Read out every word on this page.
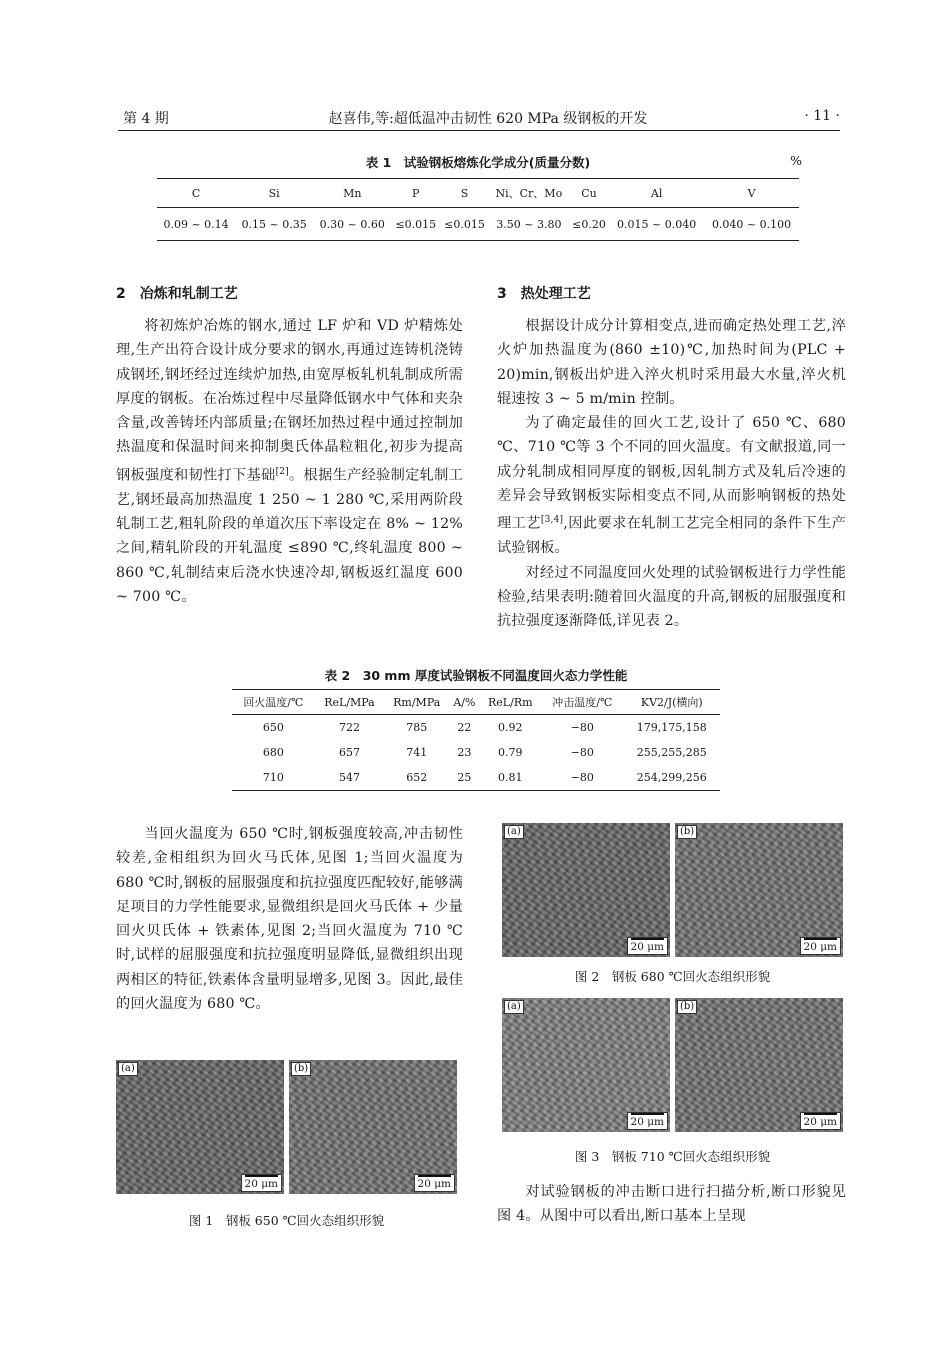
第 4 期	赵喜伟,等:超低温冲击韧性 620 MPa 级钢板的开发	· 11 ·
表 1　试验钢板熔炼化学成分(质量分数)	%
C	Si	Mn	P	S	Ni、Cr、Mo	Cu	Al	V
0.09 ~ 0.14	0.15 ~ 0.35	0.30 ~ 0.60	≤0.015	≤0.015	3.50 ~ 3.80	≤0.20	0.015 ~ 0.040	0.040 ~ 0.100
2　冶炼和轧制工艺

将初炼炉冶炼的钢水,通过 LF 炉和 VD 炉精炼处理,生产出符合设计成分要求的钢水,再通过连铸机浇铸成钢坯,钢坯经过连续炉加热,由宽厚板轧机轧制成所需厚度的钢板。在冶炼过程中尽量降低钢水中气体和夹杂含量,改善铸坯内部质量;在钢坯加热过程中通过控制加热温度和保温时间来抑制奥氏体晶粒粗化,初步为提高钢板强度和韧性打下基础[2]。根据生产经验制定轧制工艺,钢坯最高加热温度 1 250 ~ 1 280 ℃,采用两阶段轧制工艺,粗轧阶段的单道次压下率设定在 8% ~ 12% 之间,精轧阶段的开轧温度 ≤890 ℃,终轧温度 800 ~ 860 ℃,轧制结束后浇水快速冷却,钢板返红温度 600 ~ 700 ℃。

3　热处理工艺

根据设计成分计算相变点,进而确定热处理工艺,淬火炉加热温度为(860 ±10)℃,加热时间为(PLC + 20)min,钢板出炉进入淬火机时采用最大水量,淬火机辊速按 3 ~ 5 m/min 控制。

为了确定最佳的回火工艺,设计了 650 ℃、680 ℃、710 ℃等 3 个不同的回火温度。有文献报道,同一成分轧制成相同厚度的钢板,因轧制方式及轧后冷速的差异会导致钢板实际相变点不同,从而影响钢板的热处理工艺[3,4],因此要求在轧制工艺完全相同的条件下生产试验钢板。

对经过不同温度回火处理的试验钢板进行力学性能检验,结果表明:随着回火温度的升高,钢板的屈服强度和抗拉强度逐渐降低,详见表 2。

表 2　30 mm 厚度试验钢板不同温度回火态力学性能
回火温度/℃	ReL/MPa	Rm/MPa	A/%	ReL/Rm	冲击温度/℃	KV2/J(横向)
650	722	785	22	0.92	−80	179,175,158
680	657	741	23	0.79	−80	255,255,285
710	547	652	25	0.81	−80	254,299,256

当回火温度为 650 ℃时,钢板强度较高,冲击韧性较差,金相组织为回火马氏体,见图 1;当回火温度为 680 ℃时,钢板的屈服强度和抗拉强度匹配较好,能够满足项目的力学性能要求,显微组织是回火马氏体 + 少量回火贝氏体 + 铁素体,见图 2;当回火温度为 710 ℃时,试样的屈服强度和抗拉强度明显降低,显微组织出现两相区的特征,铁素体含量明显增多,见图 3。因此,最佳的回火温度为 680 ℃。

(a)
20 μm
(b)
20 μm
图 1　钢板 650 ℃回火态组织形貌
(a)
20 μm
(b)
20 μm
图 2　钢板 680 ℃回火态组织形貌
(a)
20 μm
(b)
20 μm
图 3　钢板 710 ℃回火态组织形貌

对试验钢板的冲击断口进行扫描分析,断口形貌见图 4。从图中可以看出,断口基本上呈现
